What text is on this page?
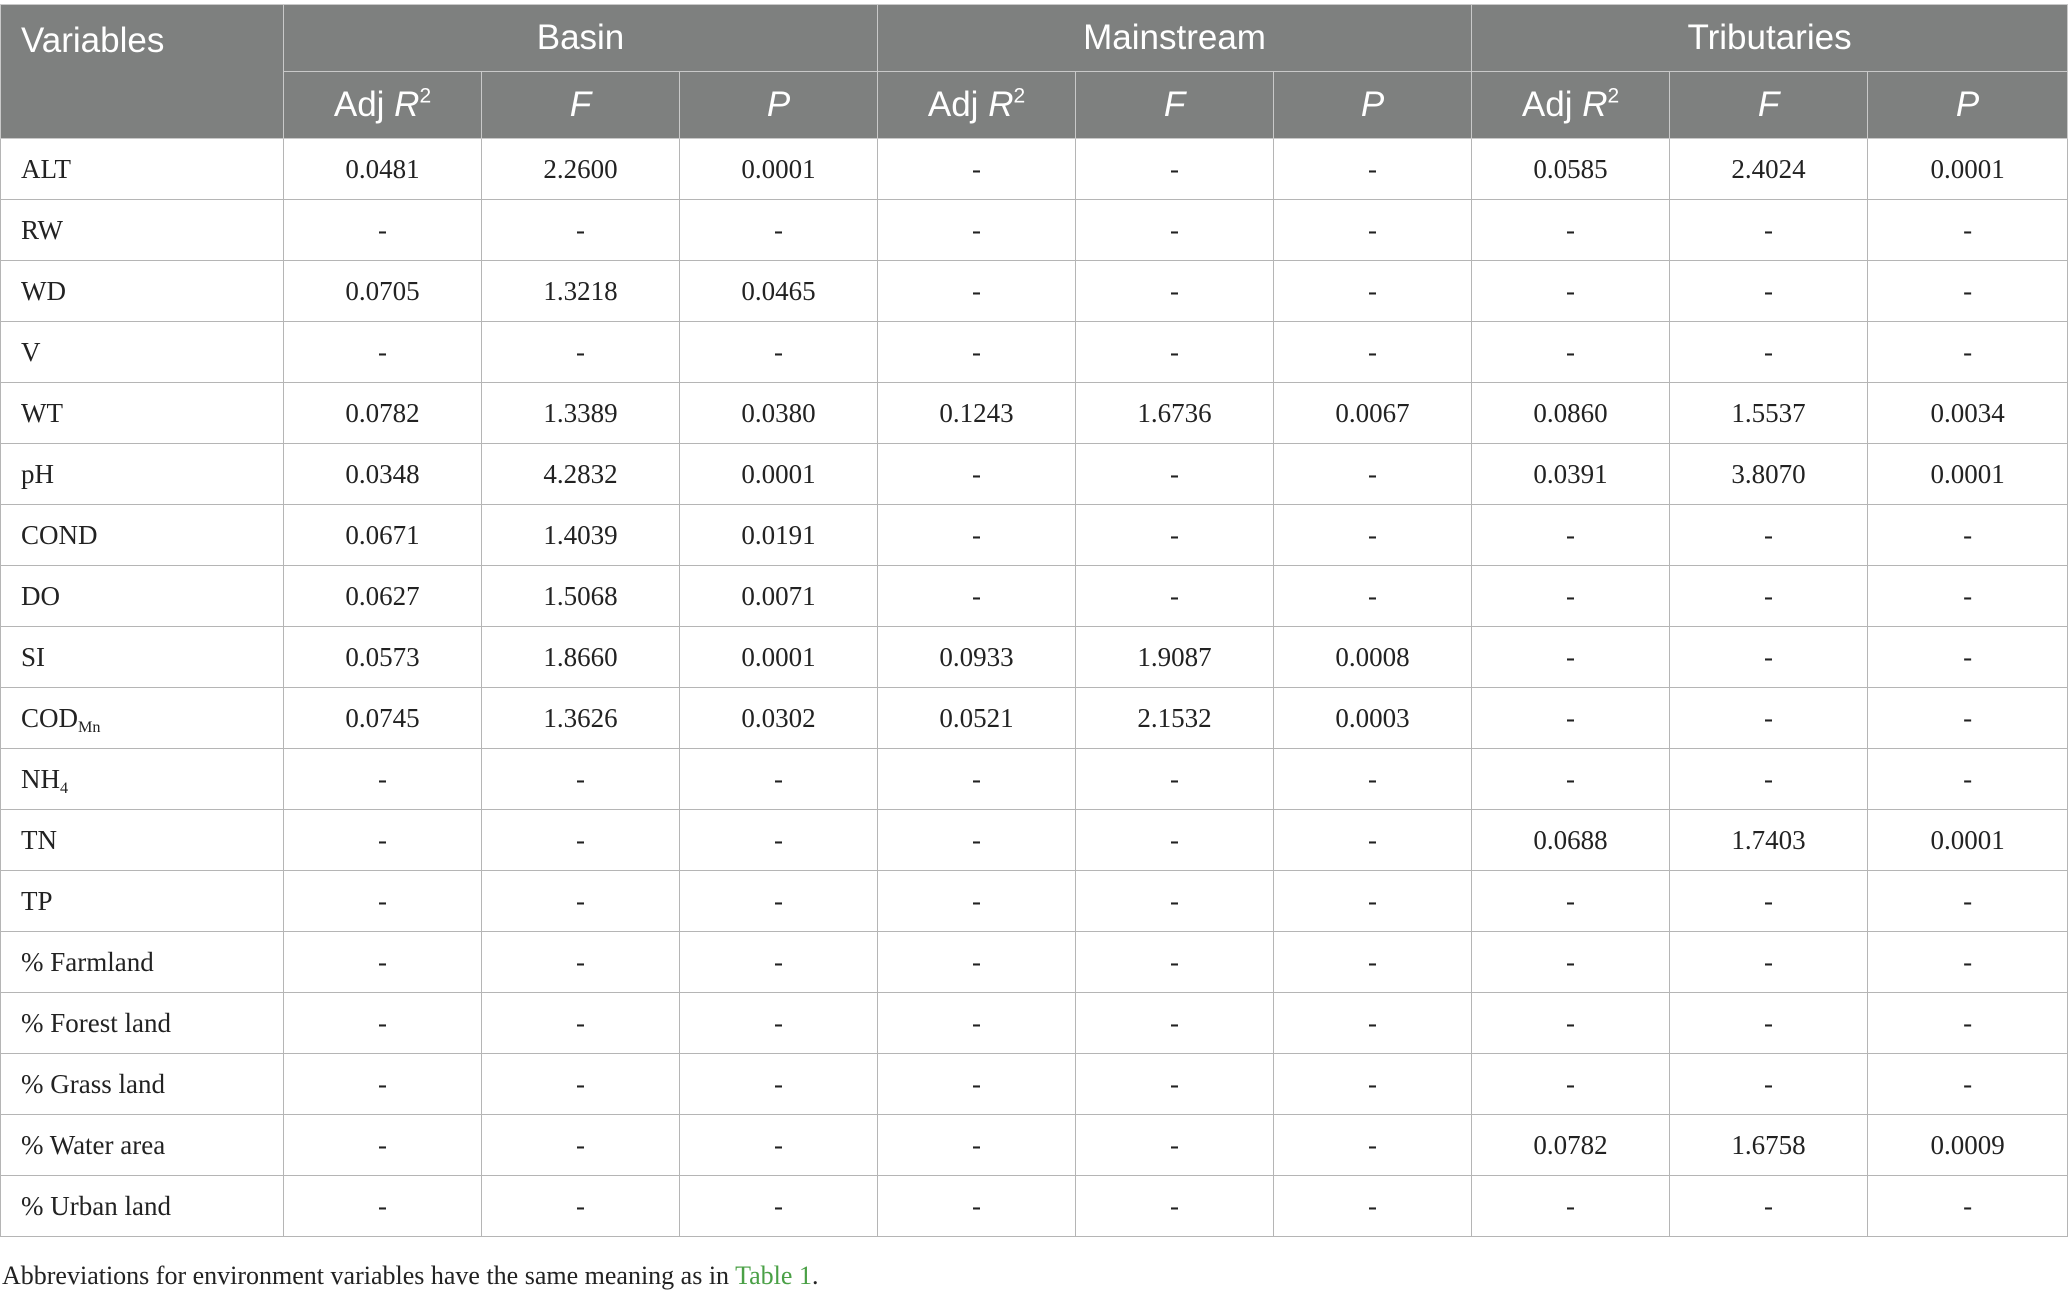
Variables	Basin			Mainstream			Tributaries		
	Adj $R^2$	F	P	Adj $R^2$	F	P	Adj $R^2$	F	P
ALT	0.0481	2.2600	0.0001	-	-	-	0.0585	2.4024	0.0001
RW	-	-	-	-	-	-	-	-	-
WD	0.0705	1.3218	0.0465	-	-	-	-	-	-
V	-	-	-	-	-	-	-	-	-
WT	0.0782	1.3389	0.0380	0.1243	1.6736	0.0067	0.0860	1.5537	0.0034
pH	0.0348	4.2832	0.0001	-	-	-	0.0391	3.8070	0.0001
COND	0.0671	1.4039	0.0191	-	-	-	-	-	-
DO	0.0627	1.5068	0.0071	-	-	-	-	-	-
SI	0.0573	1.8660	0.0001	0.0933	1.9087	0.0008	-	-	-
$COD_{Mn}$	0.0745	1.3626	0.0302	0.0521	2.1532	0.0003	-	-	-
$NH_4$	-	-	-	-	-	-	-	-	-
TN	-	-	-	-	-	-	0.0688	1.7403	0.0001
TP	-	-	-	-	-	-	-	-	-
% Farmland	-	-	-	-	-	-	-	-	-
% Forest land	-	-	-	-	-	-	-	-	-
% Grass land	-	-	-	-	-	-	-	-	-
% Water area	-	-	-	-	-	-	0.0782	1.6758	0.0009
% Urban land	-	-	-	-	-	-	-	-	-
Abbreviations for environment variables have the same meaning as in Table 1.
